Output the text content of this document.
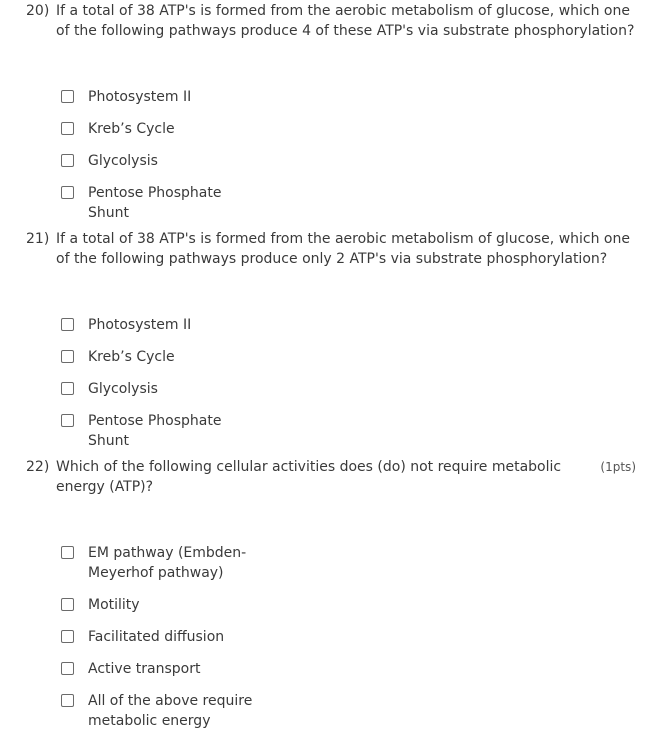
20) If a total of 38 ATP's is formed from the aerobic metabolism of glucose, which one of the following pathways produce 4 of these ATP's via substrate phosphorylation?
Photosystem II
Kreb’s Cycle
Glycolysis
Pentose Phosphate Shunt
21) If a total of 38 ATP's is formed from the aerobic metabolism of glucose, which one of the following pathways produce only 2 ATP's via substrate phosphorylation?
Photosystem II
Kreb’s Cycle
Glycolysis
Pentose Phosphate Shunt
22) Which of the following cellular activities does (do) not require metabolic energy (ATP)?
(1pts)
EM pathway (Embden-Meyerhof pathway)
Motility
Facilitated diffusion
Active transport
All of the above require metabolic energy
